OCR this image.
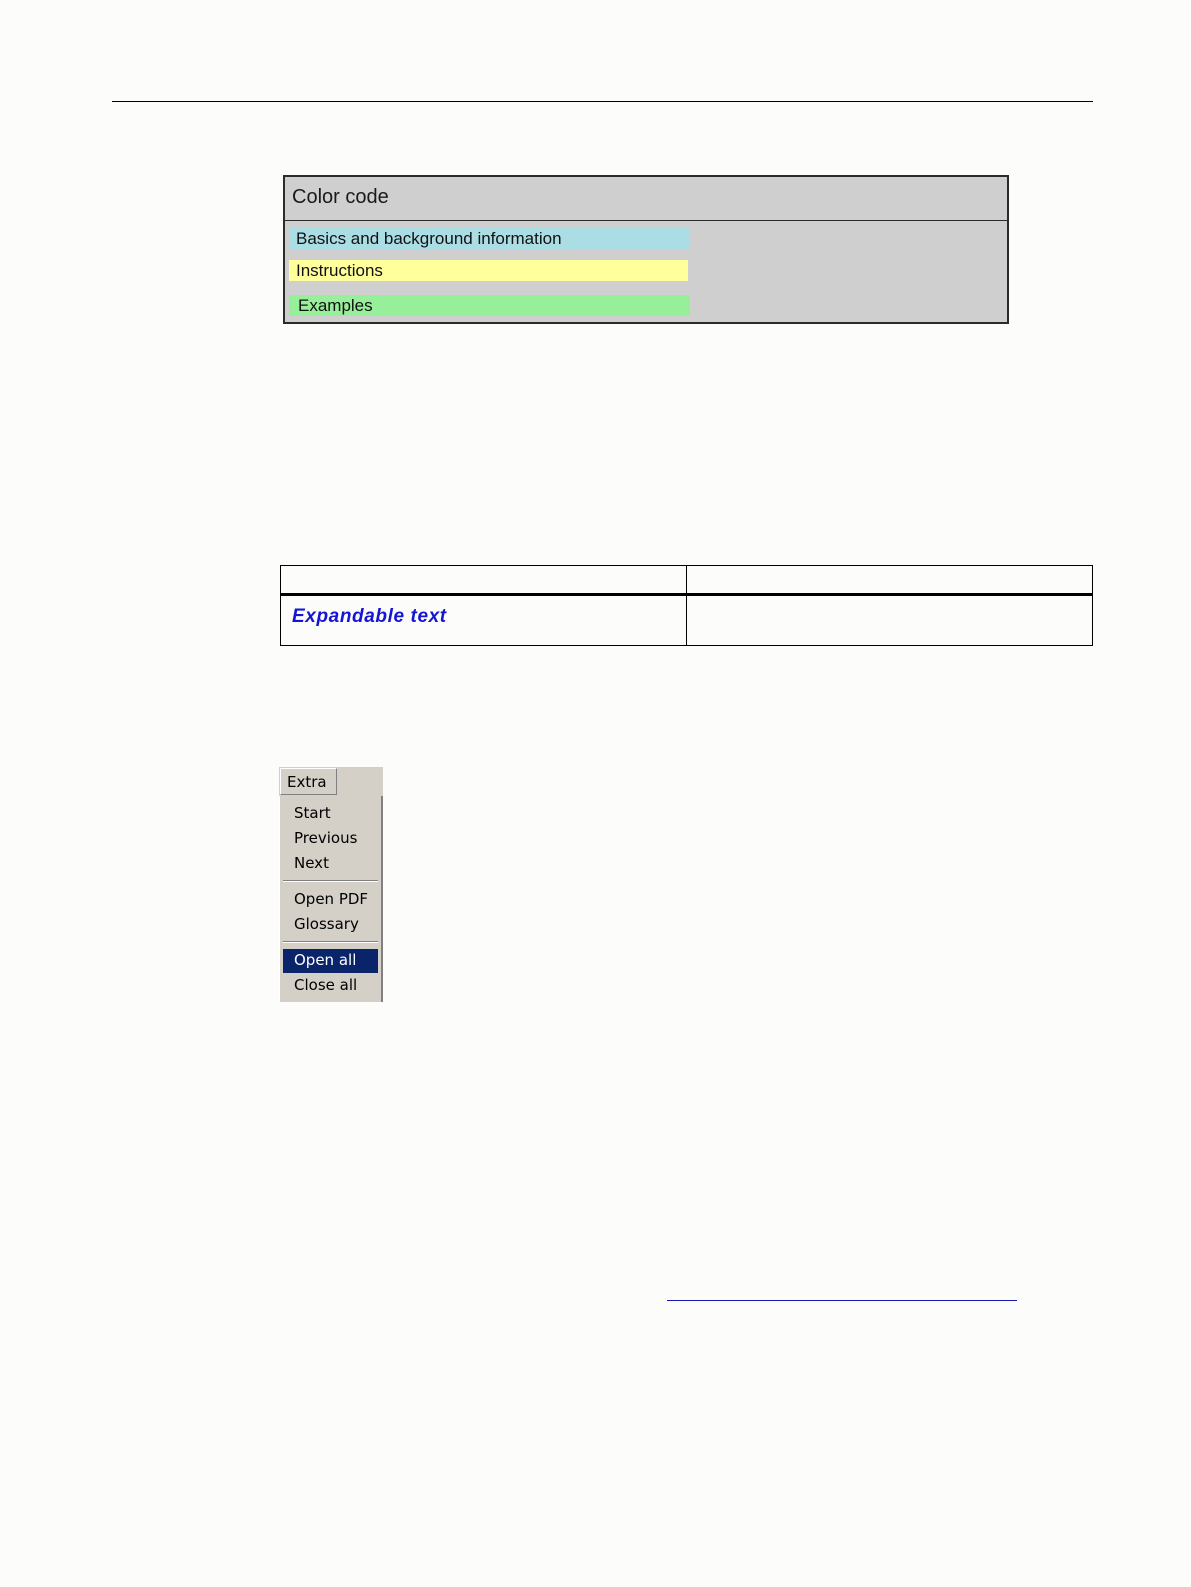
Color code
Basics and background information
Instructions
Examples
Expandable text
Extra
Start
Previous
Next
Open PDF
Glossary
Open all
Close all
